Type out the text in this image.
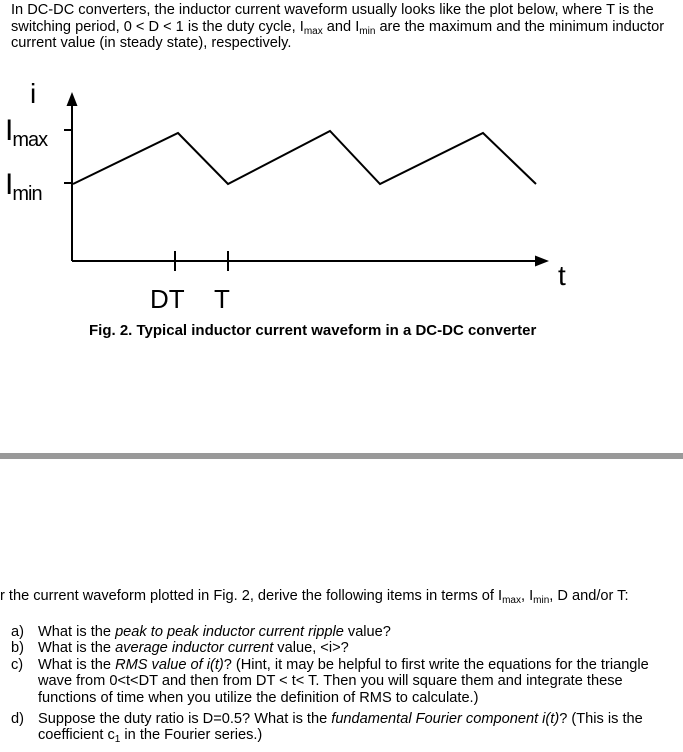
In DC-DC converters, the inductor current waveform usually looks like the plot below, where T is the
switching period, 0 < D < 1 is the duty cycle, $I_{max}$ and $I_{min}$ are the maximum and the minimum inductor
current value (in steady state), respectively.
i
$I_{max}$
$I_{min}$
t
DT T
Fig. 2. Typical inductor current waveform in a DC-DC converter
r the current waveform plotted in Fig. 2, derive the following items in terms of $I_{max}$, $I_{min}$, D and/or T:
a) What is the peak to peak inductor current ripple value?
b) What is the average inductor current value, <i>?
c) What is the RMS value of i(t)? (Hint, it may be helpful to first write the equations for the triangle
wave from 0<t<DT and then from DT < t< T. Then you will square them and integrate these
functions of time when you utilize the definition of RMS to calculate.)
d) Suppose the duty ratio is D=0.5? What is the fundamental Fourier component i(t)? (This is the
coefficient $c_1$ in the Fourier series.)
